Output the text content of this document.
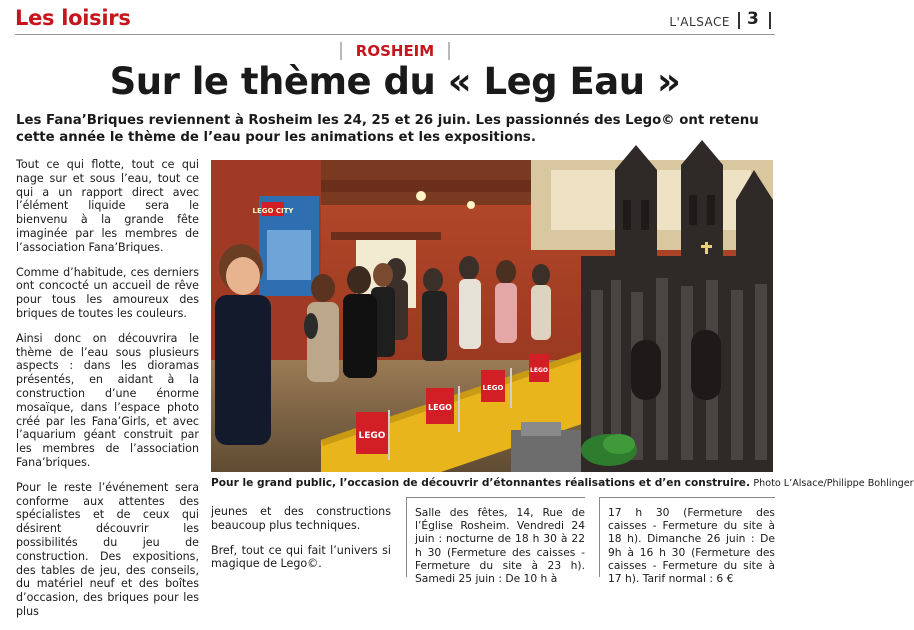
Les loisirs	L'ALSACE 3
ROSHEIM
Sur le thème du « Leg Eau »
Les Fana’Briques reviennent à Rosheim les 24, 25 et 26 juin. Les passionnés des Lego© ont retenu cette année le thème de l’eau pour les animations et les expositions.

Tout ce qui flotte, tout ce qui nage sur et sous l’eau, tout ce qui a un rapport direct avec l’élément liquide sera le bienvenu à la grande fête imaginée par les membres de l’association Fana’Briques.

Comme d’habitude, ces derniers ont concocté un accueil de rêve pour tous les amoureux des briques de toutes les couleurs.

Ainsi donc on découvrira le thème de l’eau sous plusieurs aspects : dans les dioramas présentés, en aidant à la construction d’une énorme mosaïque, dans l’espace photo créé par les Fana’Girls, et avec l’aquarium géant construit par les membres de l’association Fana’briques.

Pour le reste l’événement sera conforme aux attentes des spécialistes et de ceux qui désirent découvrir les possibilités du jeu de construction. Des expositions, des tables de jeu, des conseils, du matériel neuf et des boîtes d’occasion, des briques pour les plus

LEGO CITY
LEGO
LEGO
LEGO
LEGO
Pour le grand public, l’occasion de découvrir d’étonnantes réalisations et d’en construire. Photo L’Alsace/Philippe Bohlinger

jeunes et des constructions beaucoup plus techniques.

Bref, tout ce qui fait l’univers si magique de Lego©.

Salle des fêtes, 14, Rue de l’Église Rosheim. Vendredi 24 juin : nocturne de 18 h 30 à 22 h 30 (Fermeture des caisses - Fermeture du site à 23 h). Samedi 25 juin : De 10 h à
17 h 30 (Fermeture des caisses - Fermeture du site à 18 h). Dimanche 26 juin : De 9h à 16 h 30 (Fermeture des caisses - Fermeture du site à 17 h). Tarif normal : 6 €
